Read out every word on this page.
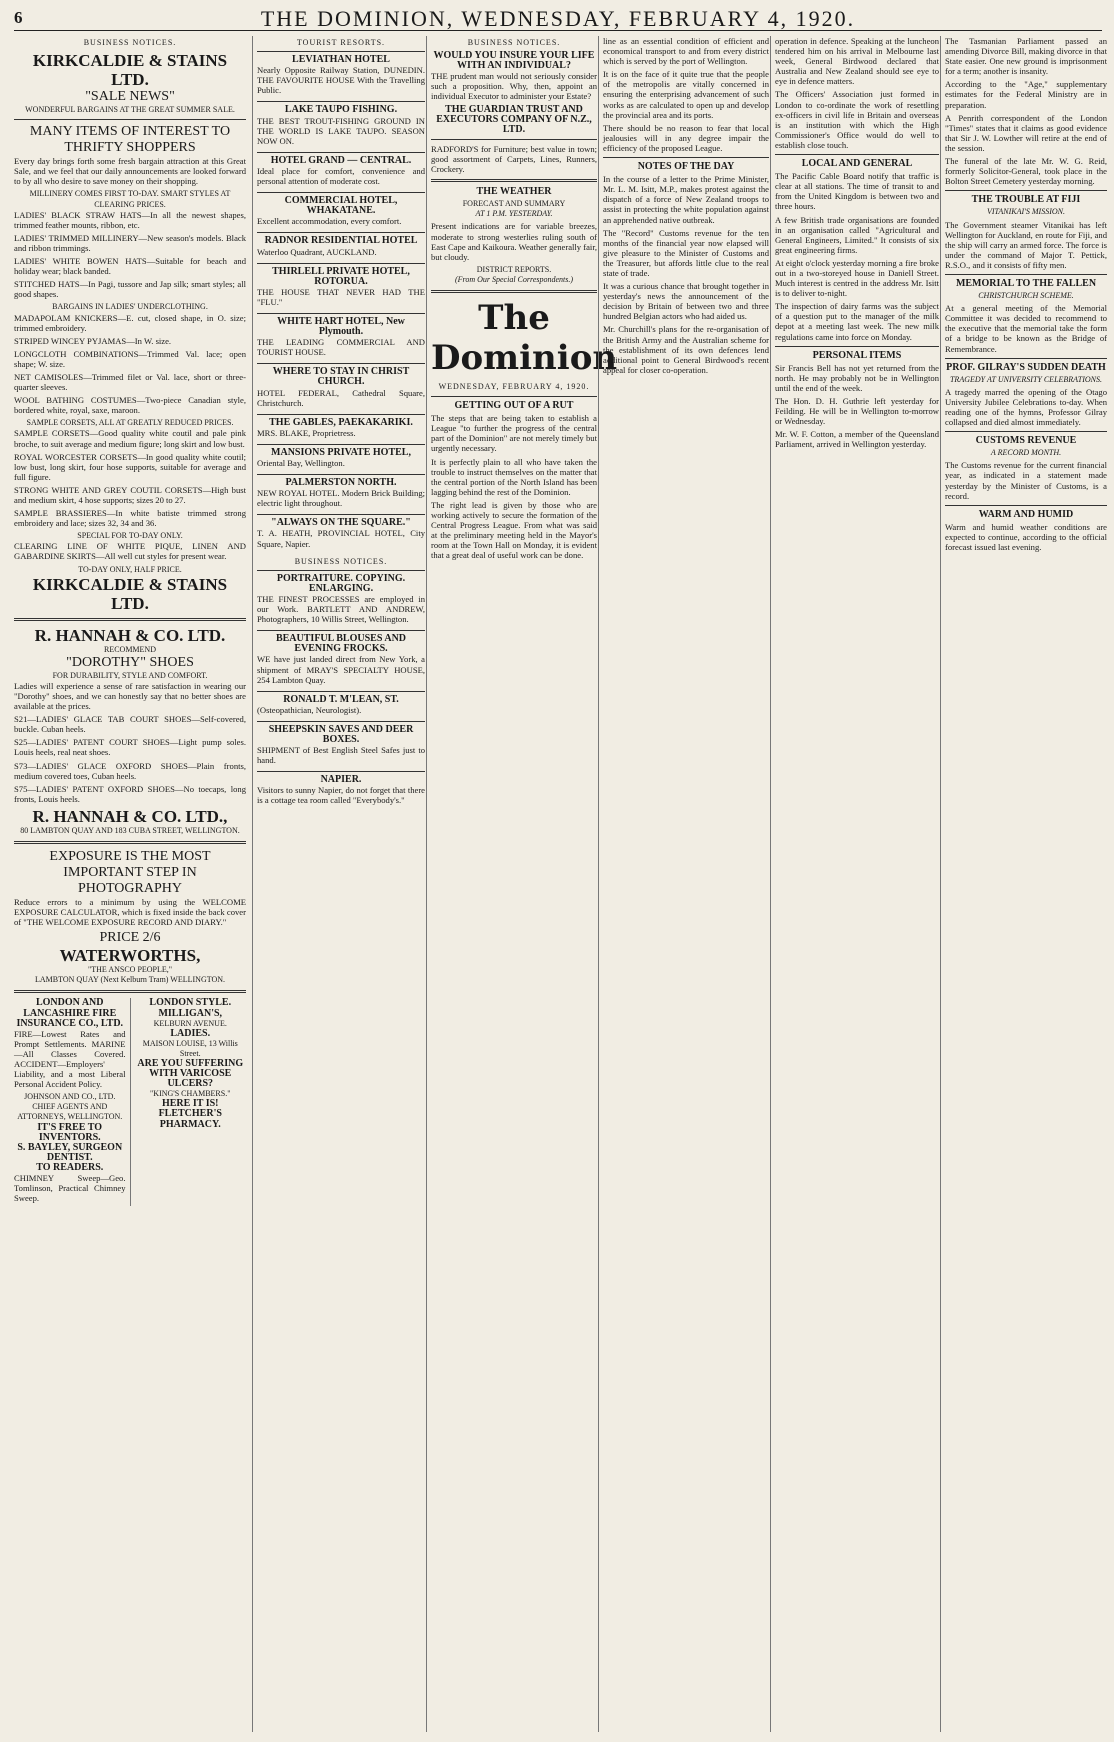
6	THE DOMINION, WEDNESDAY, FEBRUARY 4, 1920.
BUSINESS NOTICES.
KIRKCALDIE & STAINS LTD.
"SALE NEWS"
WONDERFUL BARGAINS AT THE GREAT SUMMER SALE.
MANY ITEMS OF INTEREST TO THRIFTY SHOPPERS

Every day brings forth some fresh bargain attraction at this Great Sale, and we feel that our daily announcements are looked forward to by all who desire to save money on their shopping.

MILLINERY COMES FIRST TO-DAY. SMART STYLES AT CLEARING PRICES.

LADIES' BLACK STRAW HATS—In all the newest shapes, trimmed feather mounts, ribbon, etc.

LADIES' TRIMMED MILLINERY—New season's models. Black and ribbon trimmings.

LADIES' WHITE BOWEN HATS—Suitable for beach and holiday wear; black banded.

STITCHED HATS—In Pagi, tussore and Jap silk; smart styles; all good shapes.

BARGAINS IN LADIES' UNDERCLOTHING.

MADAPOLAM KNICKERS—E. cut, closed shape, in O. size; trimmed embroidery.

STRIPED WINCEY PYJAMAS—In W. size.

LONGCLOTH COMBINATIONS—Trimmed Val. lace; open shape; W. size.

NET CAMISOLES—Trimmed filet or Val. lace, short or three-quarter sleeves.

WOOL BATHING COSTUMES—Two-piece Canadian style, bordered white, royal, saxe, maroon.

SAMPLE CORSETS, ALL AT GREATLY REDUCED PRICES.

SAMPLE CORSETS—Good quality white coutil and pale pink broche, to suit average and medium figure; long skirt and low bust.

ROYAL WORCESTER CORSETS—In good quality white coutil; low bust, long skirt, four hose supports, suitable for average and full figure.

STRONG WHITE AND GREY COUTIL CORSETS—High bust and medium skirt, 4 hose supports; sizes 20 to 27.

SAMPLE BRASSIERES—In white batiste trimmed strong embroidery and lace; sizes 32, 34 and 36.

SPECIAL FOR TO-DAY ONLY.

CLEARING LINE OF WHITE PIQUE, LINEN AND GABARDINE SKIRTS—All well cut styles for present wear.

TO-DAY ONLY, HALF PRICE.
KIRKCALDIE & STAINS LTD.
R. HANNAH & CO. LTD.
RECOMMEND
"DOROTHY" SHOES
FOR DURABILITY, STYLE AND COMFORT.

Ladies will experience a sense of rare satisfaction in wearing our "Dorothy" shoes, and we can honestly say that no better shoes are available at the prices.

S21—LADIES' GLACE TAB COURT SHOES—Self-covered, buckle. Cuban heels.

S25—LADIES' PATENT COURT SHOES—Light pump soles. Louis heels, real neat shoes.

S73—LADIES' GLACE OXFORD SHOES—Plain fronts, medium covered toes, Cuban heels.

S75—LADIES' PATENT OXFORD SHOES—No toecaps, long fronts, Louis heels.

R. HANNAH & CO. LTD.,
80 LAMBTON QUAY AND 183 CUBA STREET, WELLINGTON.
EXPOSURE IS THE MOST IMPORTANT STEP IN PHOTOGRAPHY

Reduce errors to a minimum by using the WELCOME EXPOSURE CALCULATOR, which is fixed inside the back cover of "THE WELCOME EXPOSURE RECORD AND DIARY."

PRICE 2/6
WATERWORTHS,
"THE ANSCO PEOPLE,"
LAMBTON QUAY (Next Kelburn Tram) WELLINGTON.
LONDON AND LANCASHIRE FIRE INSURANCE CO., LTD.

FIRE—Lowest Rates and Prompt Settlements. MARINE—All Classes Covered. ACCIDENT—Employers' Liability, and a most Liberal Personal Accident Policy.

JOHNSON AND CO., LTD. CHIEF AGENTS AND ATTORNEYS, WELLINGTON.
IT'S FREE TO INVENTORS.
S. BAYLEY, SURGEON DENTIST.
TO READERS.

CHIMNEY Sweep—Geo. Tomlinson, Practical Chimney Sweep.

LONDON STYLE.
MILLIGAN'S,
KELBURN AVENUE.
LADIES.
MAISON LOUISE, 13 Willis Street.
ARE YOU SUFFERING WITH VARICOSE ULCERS?
"KING'S CHAMBERS."
HERE IT IS!
FLETCHER'S PHARMACY.
TOURIST RESORTS.
LEVIATHAN HOTEL

Nearly Opposite Railway Station, DUNEDIN. THE FAVOURITE HOUSE With the Travelling Public.

LAKE TAUPO FISHING.

THE BEST TROUT-FISHING GROUND IN THE WORLD IS LAKE TAUPO. SEASON NOW ON.

HOTEL GRAND — CENTRAL.

Ideal place for comfort, convenience and personal attention of moderate cost.

COMMERCIAL HOTEL, WHAKATANE.

Excellent accommodation, every comfort.

RADNOR RESIDENTIAL HOTEL

Waterloo Quadrant, AUCKLAND.

THIRLELL PRIVATE HOTEL, ROTORUA.

THE HOUSE THAT NEVER HAD THE "FLU."

WHITE HART HOTEL, New Plymouth.

THE LEADING COMMERCIAL AND TOURIST HOUSE.

WHERE TO STAY IN CHRIST CHURCH.

HOTEL FEDERAL, Cathedral Square, Christchurch.

THE GABLES, PAEKAKARIKI.

MRS. BLAKE, Proprietress.

MANSIONS PRIVATE HOTEL,

Oriental Bay, Wellington.

PALMERSTON NORTH.

NEW ROYAL HOTEL. Modern Brick Building; electric light throughout.

"ALWAYS ON THE SQUARE."

T. A. HEATH, PROVINCIAL HOTEL, City Square, Napier.

BUSINESS NOTICES.
PORTRAITURE. COPYING. ENLARGING.

THE FINEST PROCESSES are employed in our Work. BARTLETT AND ANDREW, Photographers, 10 Willis Street, Wellington.

BEAUTIFUL BLOUSES AND EVENING FROCKS.

WE have just landed direct from New York, a shipment of MRAY'S SPECIALTY HOUSE, 254 Lambton Quay.

RONALD T. M'LEAN, ST.

(Osteopathician, Neurologist).

SHEEPSKIN SAVES AND DEER BOXES.

SHIPMENT of Best English Steel Safes just to hand.

NAPIER.

Visitors to sunny Napier, do not forget that there is a cottage tea room called "Everybody's."

BUSINESS NOTICES.
WOULD YOU INSURE YOUR LIFE WITH AN INDIVIDUAL?

THE prudent man would not seriously consider such a proposition. Why, then, appoint an individual Executor to administer your Estate?

THE GUARDIAN TRUST AND EXECUTORS COMPANY OF N.Z., LTD.

RADFORD'S for Furniture; best value in town; good assortment of Carpets, Lines, Runners, Crockery.

THE WEATHER
FORECAST AND SUMMARY
AT 1 P.M. YESTERDAY.

Present indications are for variable breezes, moderate to strong westerlies ruling south of East Cape and Kaikoura. Weather generally fair, but cloudy.

DISTRICT REPORTS.
(From Our Special Correspondents.)
The Dominion
WEDNESDAY, FEBRUARY 4, 1920.
GETTING OUT OF A RUT

The steps that are being taken to establish a League "to further the progress of the central part of the Dominion" are not merely timely but urgently necessary.

It is perfectly plain to all who have taken the trouble to instruct themselves on the matter that the central portion of the North Island has been lagging behind the rest of the Dominion.

The right lead is given by those who are working actively to secure the formation of the Central Progress League. From what was said at the preliminary meeting held in the Mayor's room at the Town Hall on Monday, it is evident that a great deal of useful work can be done.

line as an essential condition of efficient and economical transport to and from every district which is served by the port of Wellington.

It is on the face of it quite true that the people of the metropolis are vitally concerned in ensuring the enterprising advancement of such works as are calculated to open up and develop the provincial area and its ports.

There should be no reason to fear that local jealousies will in any degree impair the efficiency of the proposed League.

NOTES OF THE DAY

In the course of a letter to the Prime Minister, Mr. L. M. Isitt, M.P., makes protest against the dispatch of a force of New Zealand troops to assist in protecting the white population against an apprehended native outbreak.

The "Record" Customs revenue for the ten months of the financial year now elapsed will give pleasure to the Minister of Customs and the Treasurer, but affords little clue to the real state of trade.

It was a curious chance that brought together in yesterday's news the announcement of the decision by Britain of between two and three hundred Belgian actors who had aided us.

Mr. Churchill's plans for the re-organisation of the British Army and the Australian scheme for the establishment of its own defences lend additional point to General Birdwood's recent appeal for closer co-operation.

operation in defence. Speaking at the luncheon tendered him on his arrival in Melbourne last week, General Birdwood declared that Australia and New Zealand should see eye to eye in defence matters.

The Officers' Association just formed in London to co-ordinate the work of resettling ex-officers in civil life in Britain and overseas is an institution with which the High Commissioner's Office would do well to establish close touch.

LOCAL AND GENERAL

The Pacific Cable Board notify that traffic is clear at all stations. The time of transit to and from the United Kingdom is between two and three hours.

A few British trade organisations are founded in an organisation called "Agricultural and General Engineers, Limited." It consists of six great engineering firms.

At eight o'clock yesterday morning a fire broke out in a two-storeyed house in Daniell Street. Much interest is centred in the address Mr. Isitt is to deliver to-night.

The inspection of dairy farms was the subject of a question put to the manager of the milk depot at a meeting last week. The new milk regulations came into force on Monday.

PERSONAL ITEMS

Sir Francis Bell has not yet returned from the north. He may probably not be in Wellington until the end of the week.

The Hon. D. H. Guthrie left yesterday for Feilding. He will be in Wellington to-morrow or Wednesday.

Mr. W. F. Cotton, a member of the Queensland Parliament, arrived in Wellington yesterday.

The Tasmanian Parliament passed an amending Divorce Bill, making divorce in that State easier. One new ground is imprisonment for a term; another is insanity.

According to the "Age," supplementary estimates for the Federal Ministry are in preparation.

A Penrith correspondent of the London "Times" states that it claims as good evidence that Sir J. W. Lowther will retire at the end of the session.

The funeral of the late Mr. W. G. Reid, formerly Solicitor-General, took place in the Bolton Street Cemetery yesterday morning.

THE TROUBLE AT FIJI
VITANIKAI'S MISSION.

The Government steamer Vitanikai has left Wellington for Auckland, en route for Fiji, and the ship will carry an armed force. The force is under the command of Major T. Pettick, R.S.O., and it consists of fifty men.

MEMORIAL TO THE FALLEN
CHRISTCHURCH SCHEME.

At a general meeting of the Memorial Committee it was decided to recommend to the executive that the memorial take the form of a bridge to be known as the Bridge of Remembrance.

PROF. GILRAY'S SUDDEN DEATH
TRAGEDY AT UNIVERSITY CELEBRATIONS.

A tragedy marred the opening of the Otago University Jubilee Celebrations to-day. When reading one of the hymns, Professor Gilray collapsed and died almost immediately.

CUSTOMS REVENUE
A RECORD MONTH.

The Customs revenue for the current financial year, as indicated in a statement made yesterday by the Minister of Customs, is a record.

WARM AND HUMID

Warm and humid weather conditions are expected to continue, according to the official forecast issued last evening.
